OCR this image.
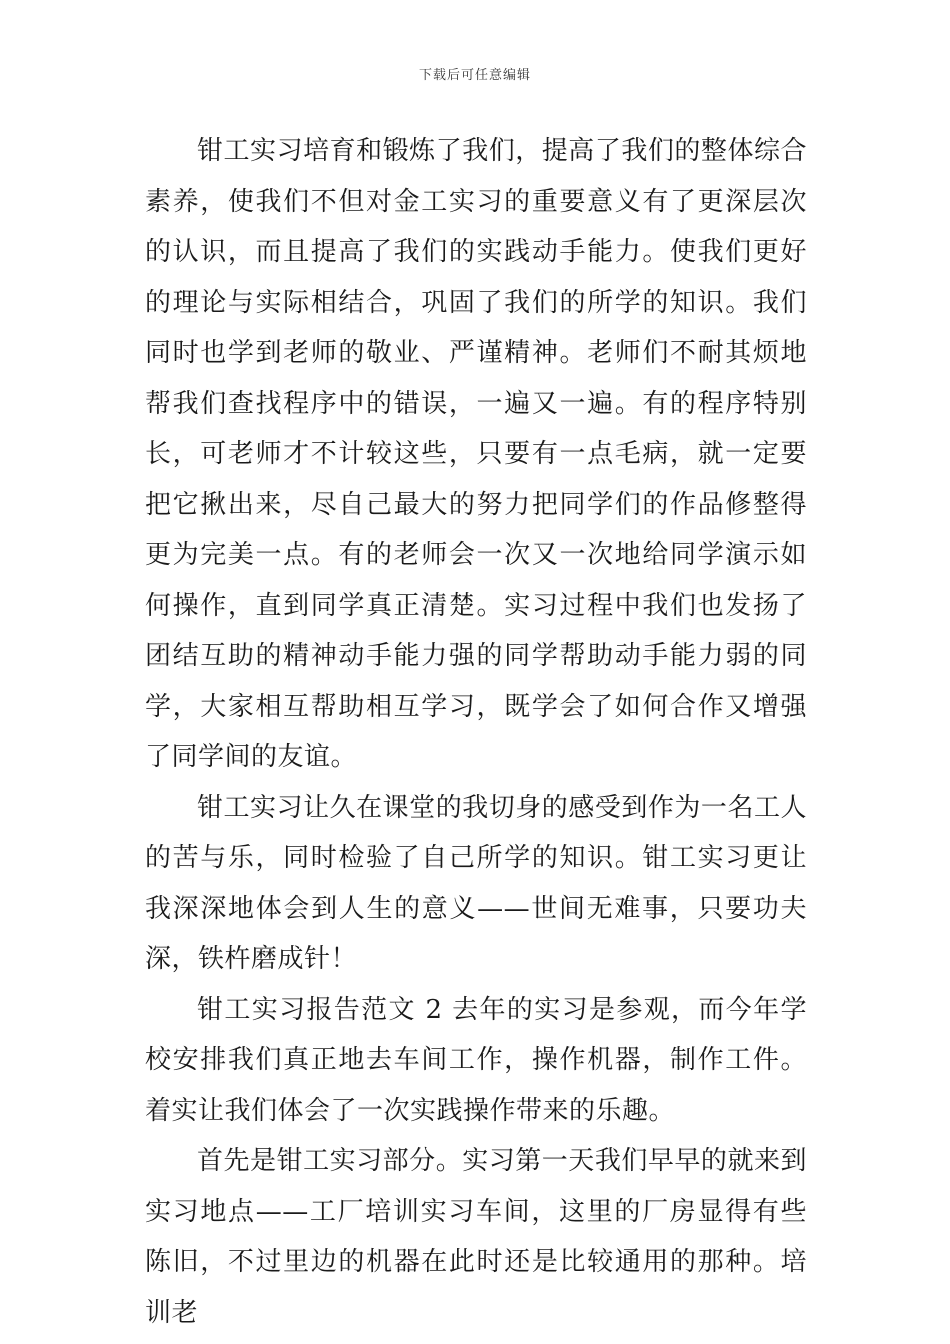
下载后可任意编辑

钳工实习培育和锻炼了我们，提高了我们的整体综合素养，使我们不但对金工实习的重要意义有了更深层次的认识，而且提高了我们的实践动手能力。使我们更好的理论与实际相结合，巩固了我们的所学的知识。我们同时也学到老师的敬业、严谨精神。老师们不耐其烦地帮我们查找程序中的错误，一遍又一遍。有的程序特别长，可老师才不计较这些，只要有一点毛病，就一定要把它揪出来，尽自己最大的努力把同学们的作品修整得更为完美一点。有的老师会一次又一次地给同学演示如何操作，直到同学真正清楚。实习过程中我们也发扬了团结互助的精神动手能力强的同学帮助动手能力弱的同学，大家相互帮助相互学习，既学会了如何合作又增强了同学间的友谊。

钳工实习让久在课堂的我切身的感受到作为一名工人的苦与乐，同时检验了自己所学的知识。钳工实习更让我深深地体会到人生的意义——世间无难事，只要功夫深，铁杵磨成针！

钳工实习报告范文 2 去年的实习是参观，而今年学校安排我们真正地去车间工作，操作机器，制作工件。着实让我们体会了一次实践操作带来的乐趣。

首先是钳工实习部分。实习第一天我们早早的就来到实习地点——工厂培训实习车间，这里的厂房显得有些陈旧，不过里边的机器在此时还是比较通用的那种。培训老
